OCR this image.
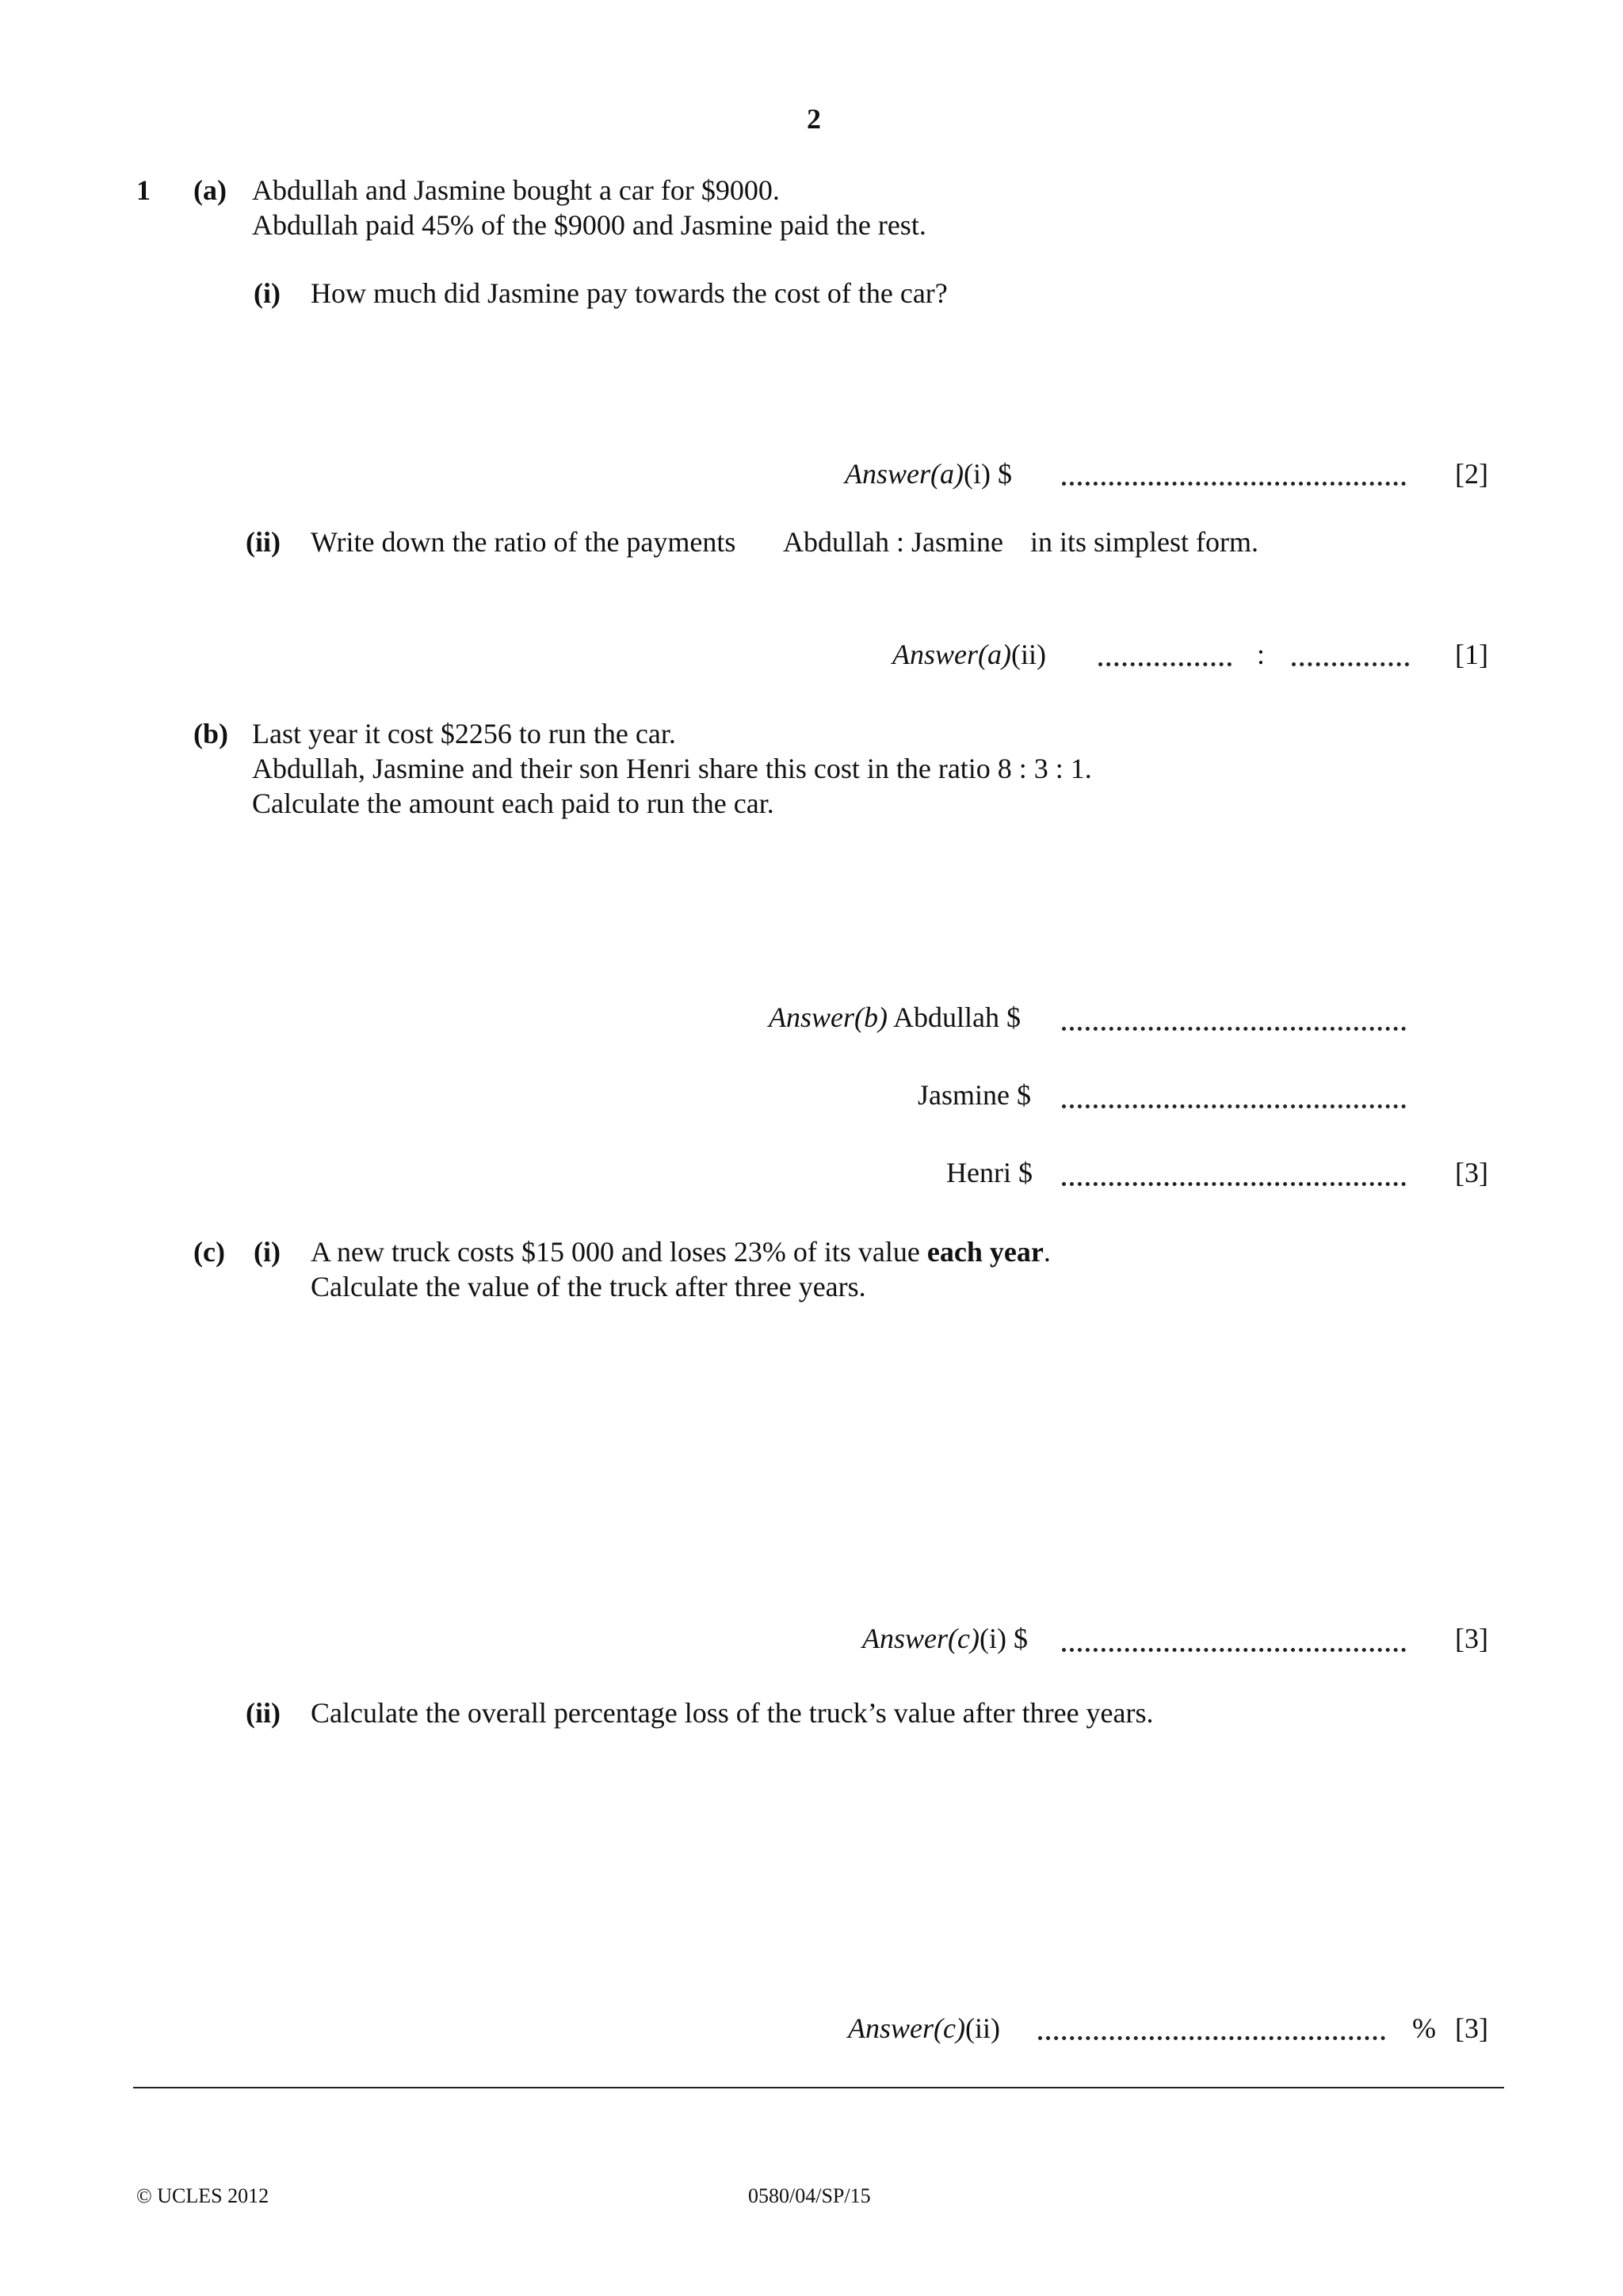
2
1 (a) Abdullah and Jasmine bought a car for $9000.
Abdullah paid 45% of the $9000 and Jasmine paid the rest.
(i) How much did Jasmine pay towards the cost of the car?
Answer(a)(i) $	[2]
(ii) Write down the ratio of the payments Abdullah : Jasmine in its simplest form.
Answer(a)(ii)	:	[1]
(b) Last year it cost $2256 to run the car.
Abdullah, Jasmine and their son Henri share this cost in the ratio 8 : 3 : 1.
Calculate the amount each paid to run the car.
Answer(b) Abdullah $
Jasmine $
Henri $	[3]
(c) (i) A new truck costs $15 000 and loses 23% of its value each year.
Calculate the value of the truck after three years.
Answer(c)(i) $	[3]
(ii) Calculate the overall percentage loss of the truck’s value after three years.
Answer(c)(ii)	% [3]
© UCLES 2012	0580/04/SP/15
